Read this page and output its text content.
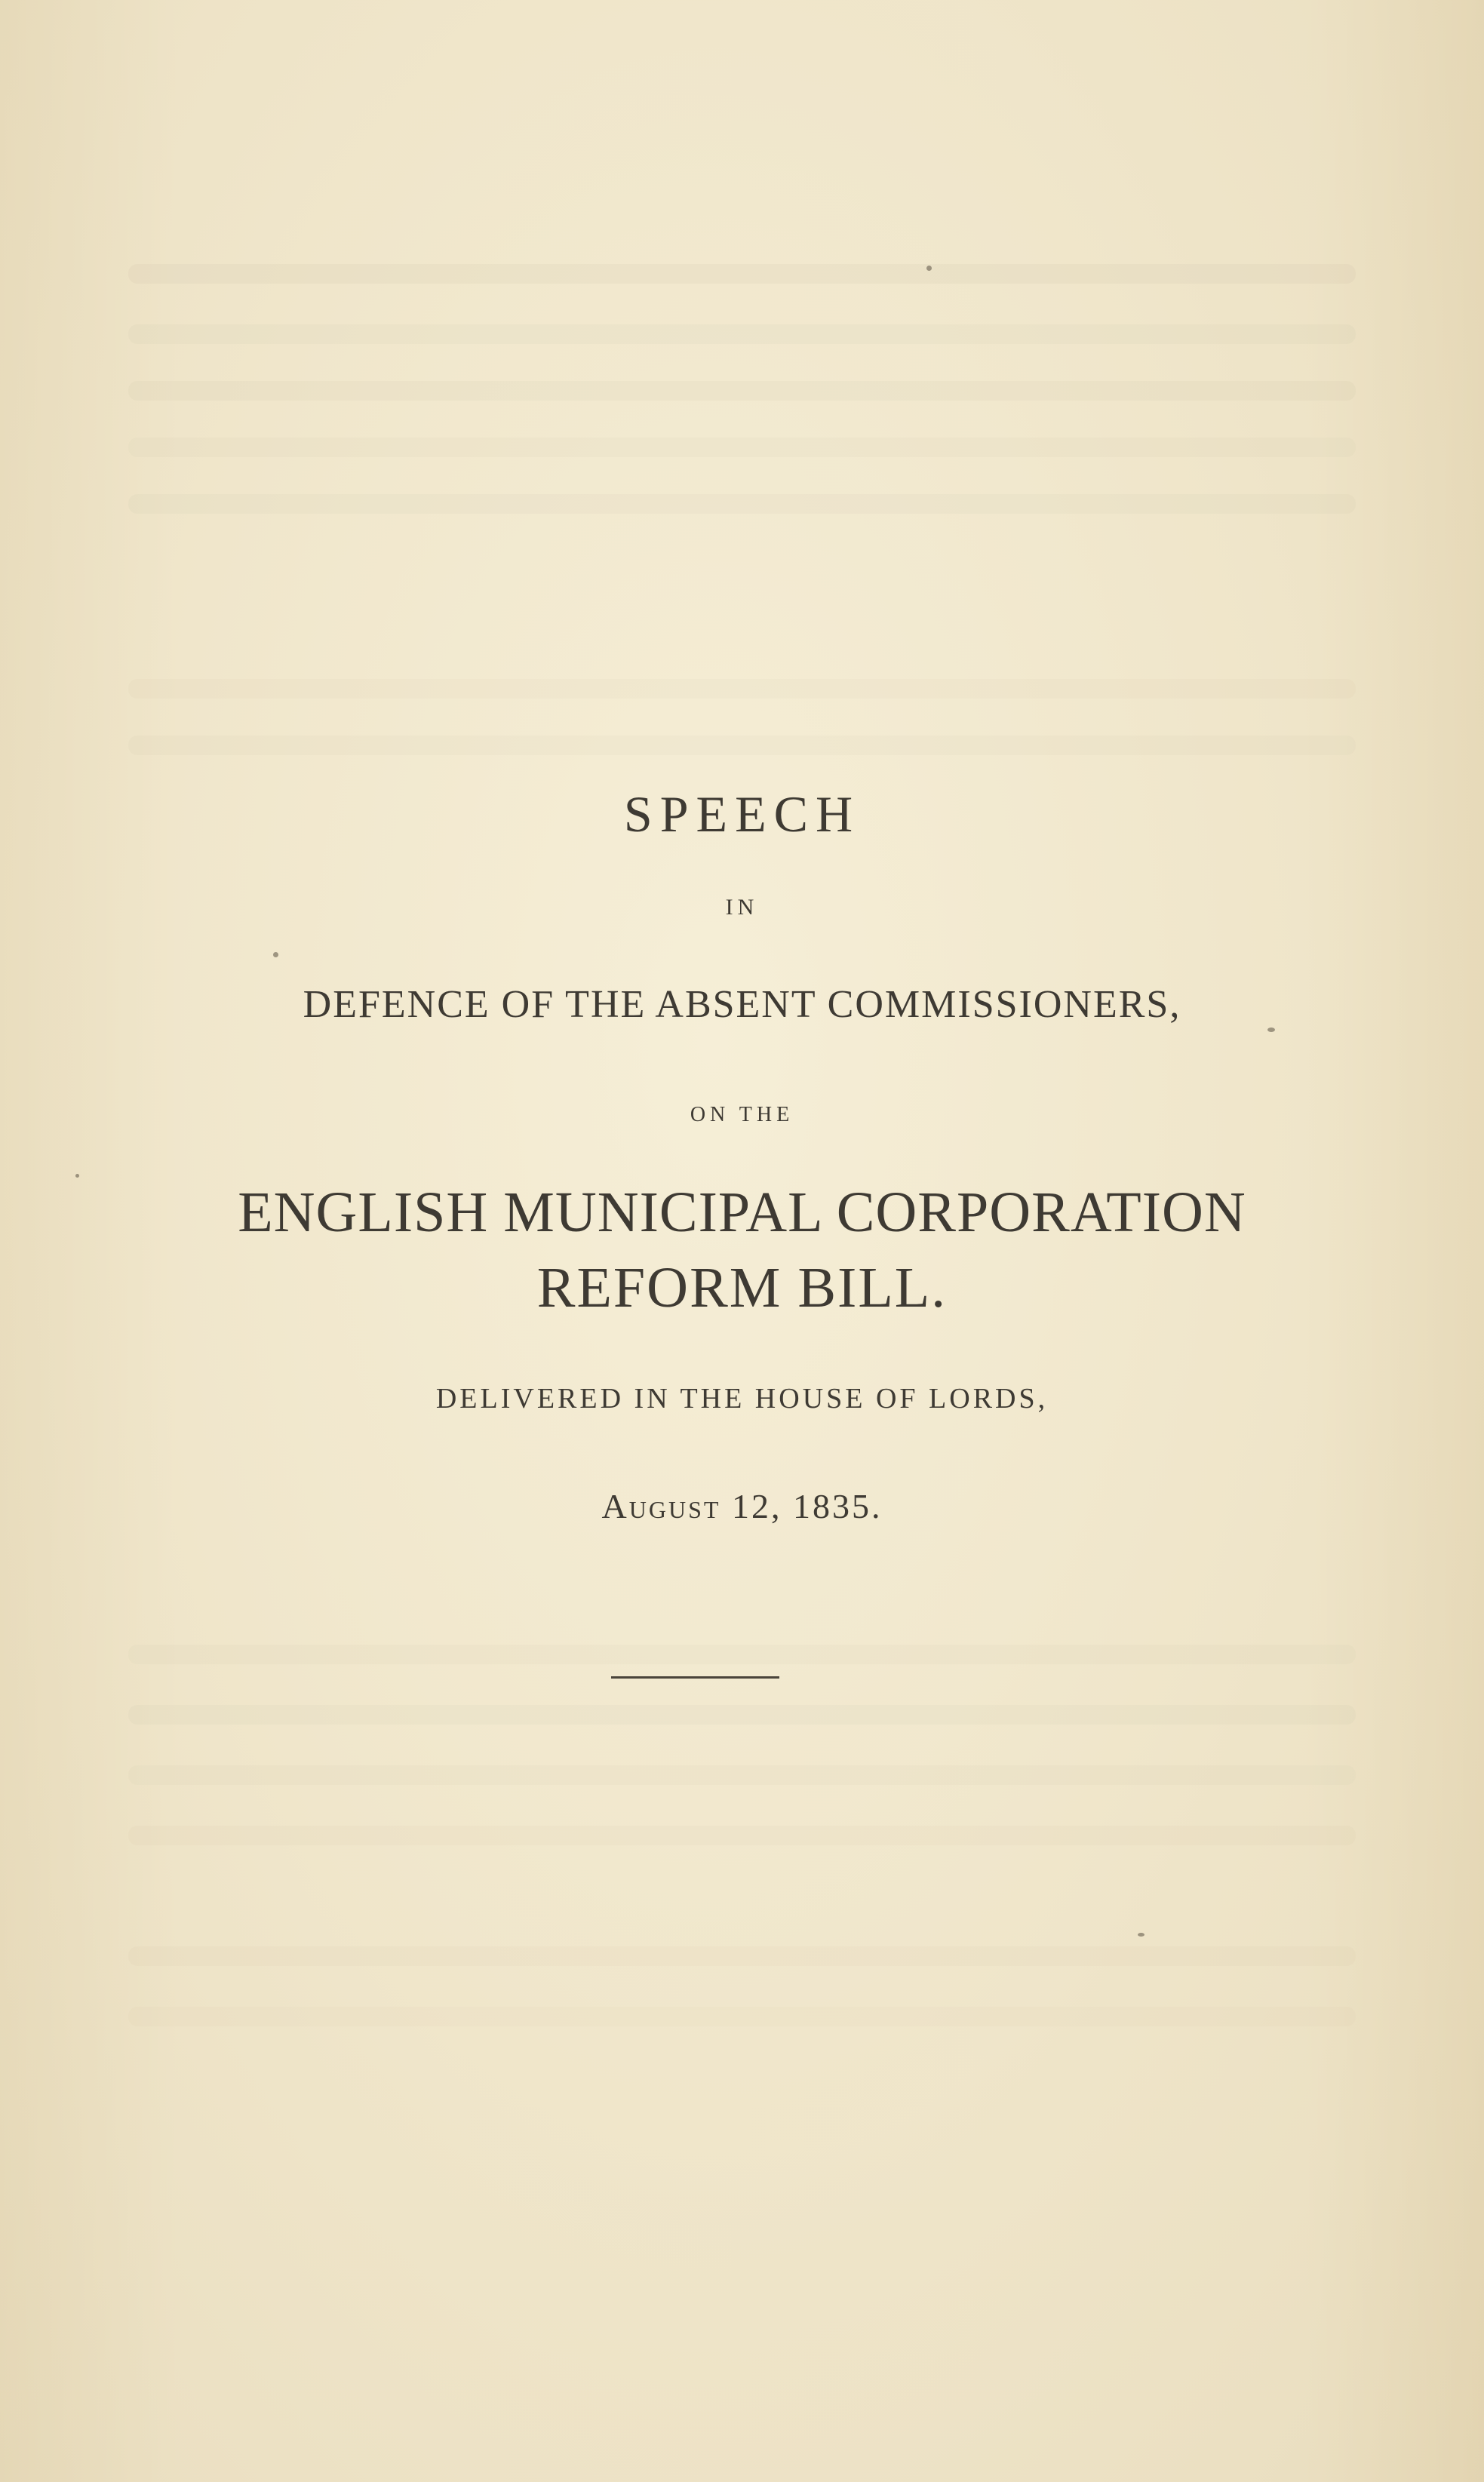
SPEECH
IN
DEFENCE OF THE ABSENT COMMISSIONERS,
ON THE
ENGLISH MUNICIPAL CORPORATION
REFORM BILL.
DELIVERED IN THE HOUSE OF LORDS,
August 12, 1835.
